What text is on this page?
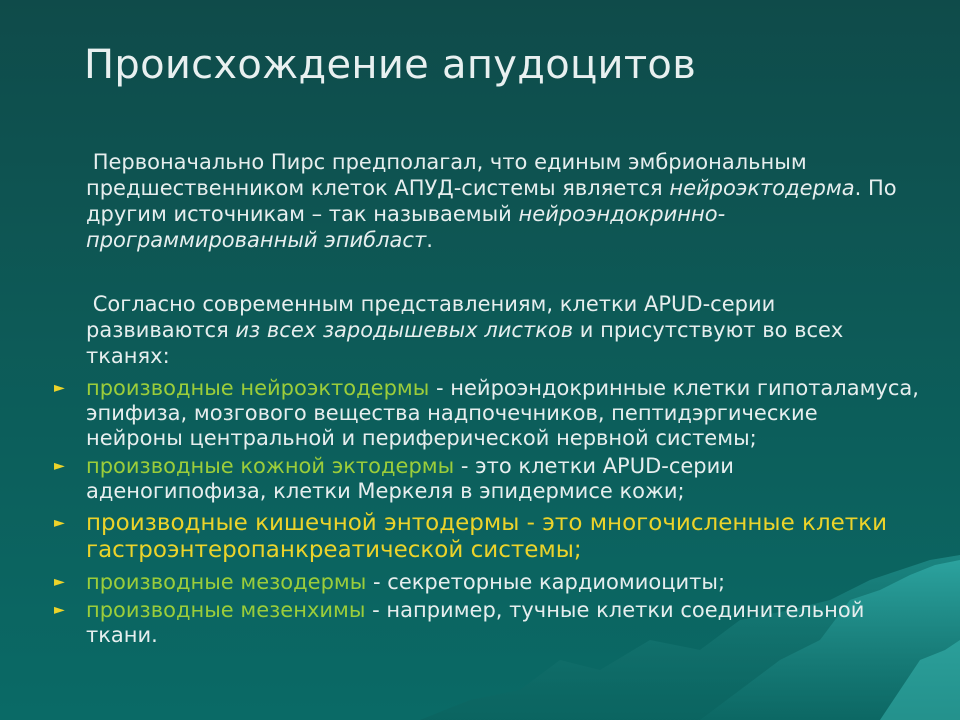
Происхождение апудоцитов
Первоначально Пирс предполагал, что единым эмбриональным предшественником клеток АПУД-системы является нейроэктодерма. По другим источникам – так называемый нейроэндокринно-программированный эпибласт.
Согласно современным представлениям, клетки APUD-серии развиваются из всех зародышевых листков и присутствуют во всех тканях:
► производные нейроэктодермы - нейроэндокринные клетки гипоталамуса, эпифиза, мозгового вещества надпочечников, пептидэргические нейроны центральной и периферической нервной системы;
► производные кожной эктодермы - это клетки APUD-серии аденогипофиза, клетки Меркеля в эпидермисе кожи;
► производные кишечной энтодермы - это многочисленные клетки гастроэнтеропанкреатической системы;
► производные мезодермы - секреторные кардиомиоциты;
► производные мезенхимы - например, тучные клетки соединительной ткани.
